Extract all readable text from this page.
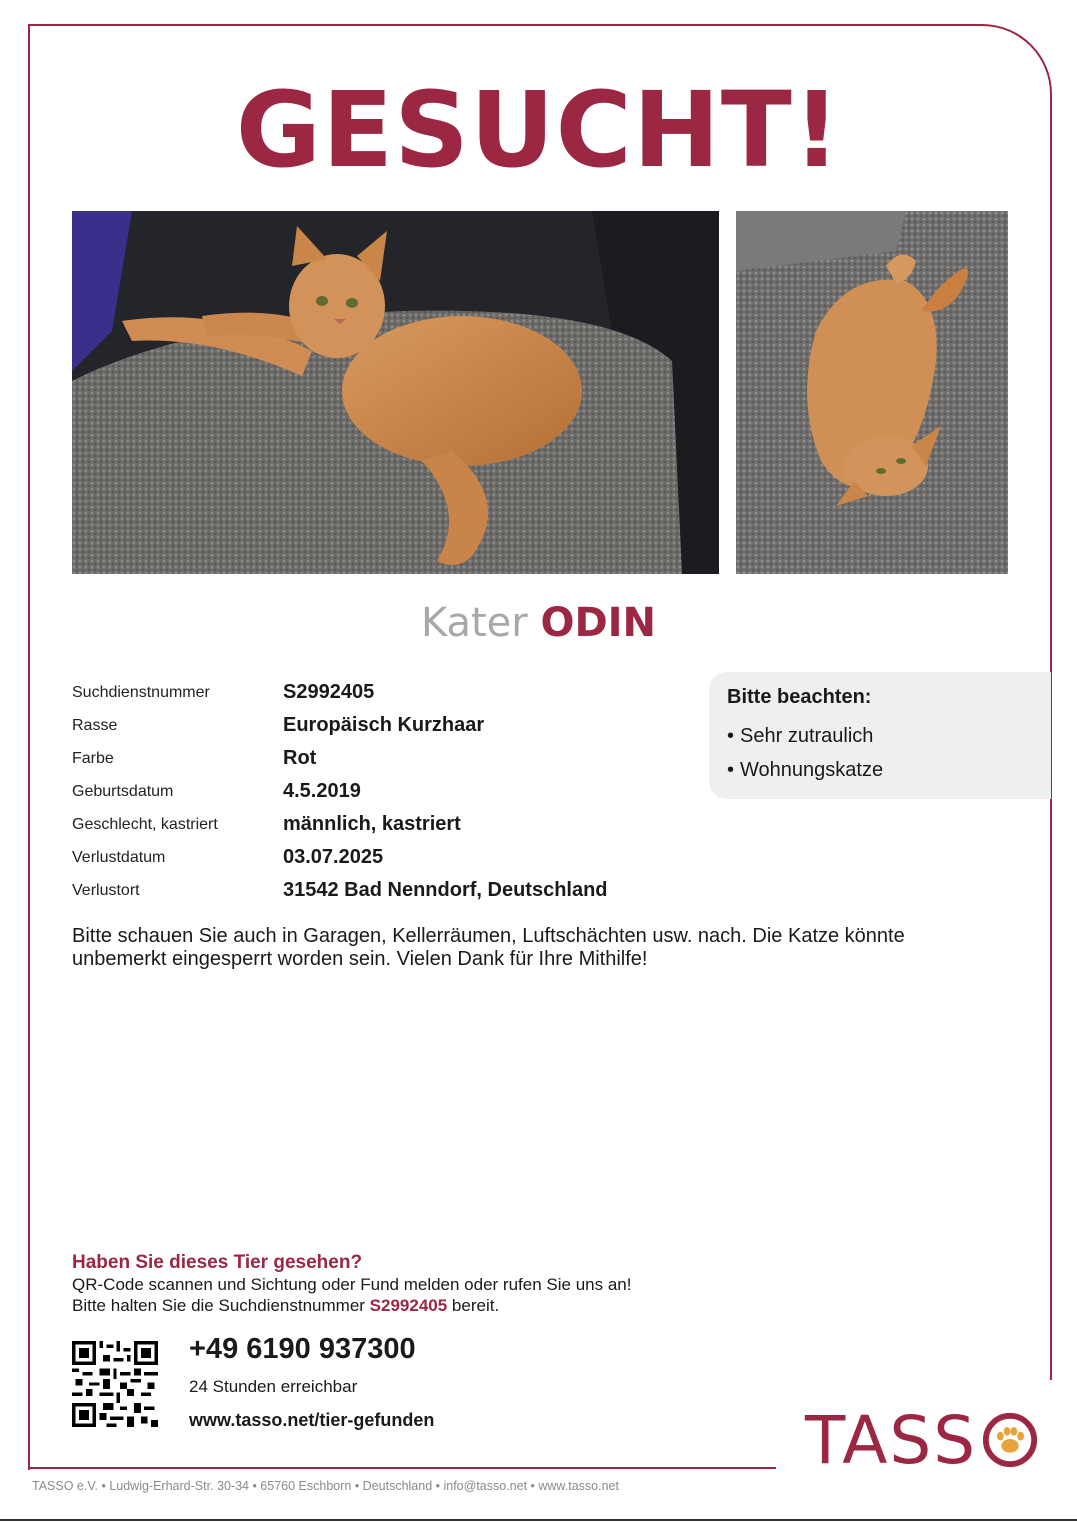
GESUCHT!
Kater ODIN
Suchdienstnummer	S2992405
Rasse	Europäisch Kurzhaar
Farbe	Rot
Geburtsdatum	4.5.2019
Geschlecht, kastriert	männlich, kastriert
Verlustdatum	03.07.2025
Verlustort	31542 Bad Nenndorf, Deutschland
Bitte beachten:
• Sehr zutraulich
• Wohnungskatze
Bitte schauen Sie auch in Garagen, Kellerräumen, Luftschächten usw. nach. Die Katze könnte unbemerkt eingesperrt worden sein. Vielen Dank für Ihre Mithilfe!
Haben Sie dieses Tier gesehen?
QR-Code scannen und Sichtung oder Fund melden oder rufen Sie uns an!
Bitte halten Sie die Suchdienstnummer S2992405 bereit.
+49 6190 937300
24 Stunden erreichbar
www.tasso.net/tier-gefunden	TASS
TASSO e.V. • Ludwig-Erhard-Str. 30-34 • 65760 Eschborn • Deutschland • info@tasso.net • www.tasso.net
